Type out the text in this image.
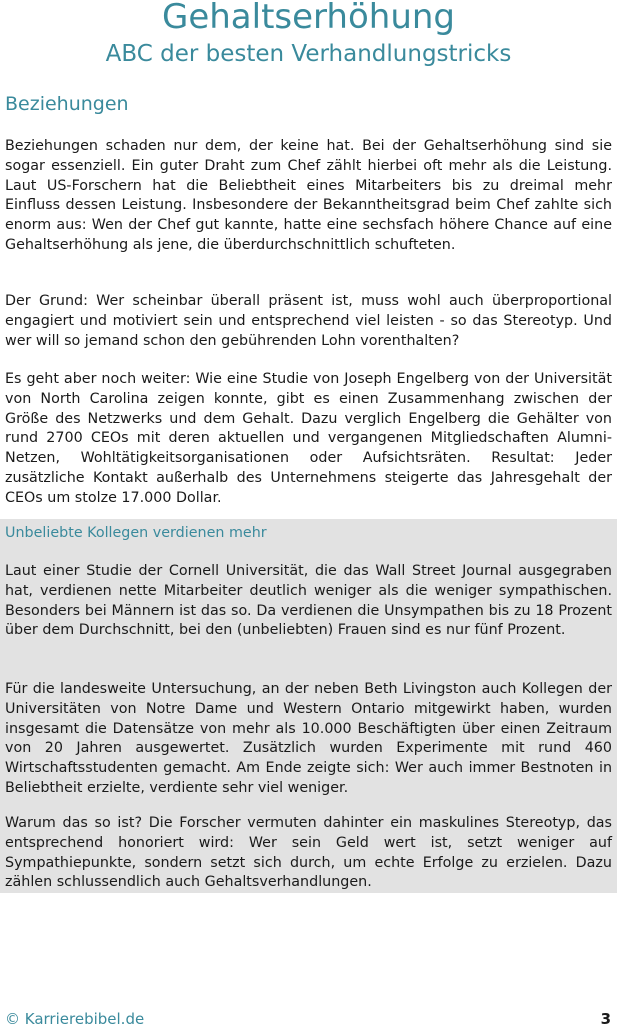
Gehaltserhöhung
ABC der besten Verhandlungstricks
Beziehungen

Beziehungen schaden nur dem, der keine hat. Bei der Gehaltserhöhung sind sie sogar essenziell. Ein guter Draht zum Chef zählt hierbei oft mehr als die Leistung. Laut US-Forschern hat die Beliebtheit eines Mitarbeiters bis zu dreimal mehr Einfluss dessen Leistung. Insbesondere der Bekanntheitsgrad beim Chef zahlte sich enorm aus: Wen der Chef gut kannte, hatte eine sechsfach höhere Chance auf eine Gehaltserhöhung als jene, die überdurchschnittlich schufteten.

Der Grund: Wer scheinbar überall präsent ist, muss wohl auch überproportional engagiert und motiviert sein und entsprechend viel leisten - so das Stereotyp. Und wer will so jemand schon den gebührenden Lohn vorenthalten?

Es geht aber noch weiter: Wie eine Studie von Joseph Engelberg von der Universität von North Carolina zeigen konnte, gibt es einen Zusammenhang zwischen der Größe des Netzwerks und dem Gehalt. Dazu verglich Engelberg die Gehälter von rund 2700 CEOs mit deren aktuellen und vergangenen Mitgliedschaften Alumni-Netzen, Wohltätigkeitsorganisationen oder Aufsichtsräten. Resultat: Jeder zusätzliche Kontakt außerhalb des Unternehmens steigerte das Jahresgehalt der CEOs um stolze 17.000 Dollar.

Unbeliebte Kollegen verdienen mehr

Laut einer Studie der Cornell Universität, die das Wall Street Journal ausgegraben hat, verdienen nette Mitarbeiter deutlich weniger als die weniger sympathischen. Besonders bei Männern ist das so. Da verdienen die Unsympathen bis zu 18 Prozent über dem Durchschnitt, bei den (unbeliebten) Frauen sind es nur fünf Prozent.

Für die landesweite Untersuchung, an der neben Beth Livingston auch Kollegen der Universitäten von Notre Dame und Western Ontario mitgewirkt haben, wurden insgesamt die Datensätze von mehr als 10.000 Beschäftigten über einen Zeitraum von 20 Jahren ausgewertet. Zusätzlich wurden Experimente mit rund 460 Wirtschaftsstudenten gemacht. Am Ende zeigte sich: Wer auch immer Bestnoten in Beliebtheit erzielte, verdiente sehr viel weniger.

Warum das so ist? Die Forscher vermuten dahinter ein maskulines Stereotyp, das entsprechend honoriert wird: Wer sein Geld wert ist, setzt weniger auf Sympathiepunkte, sondern setzt sich durch, um echte Erfolge zu erzielen. Dazu zählen schlussendlich auch Gehaltsverhandlungen.

© Karrierebibel.de	3
